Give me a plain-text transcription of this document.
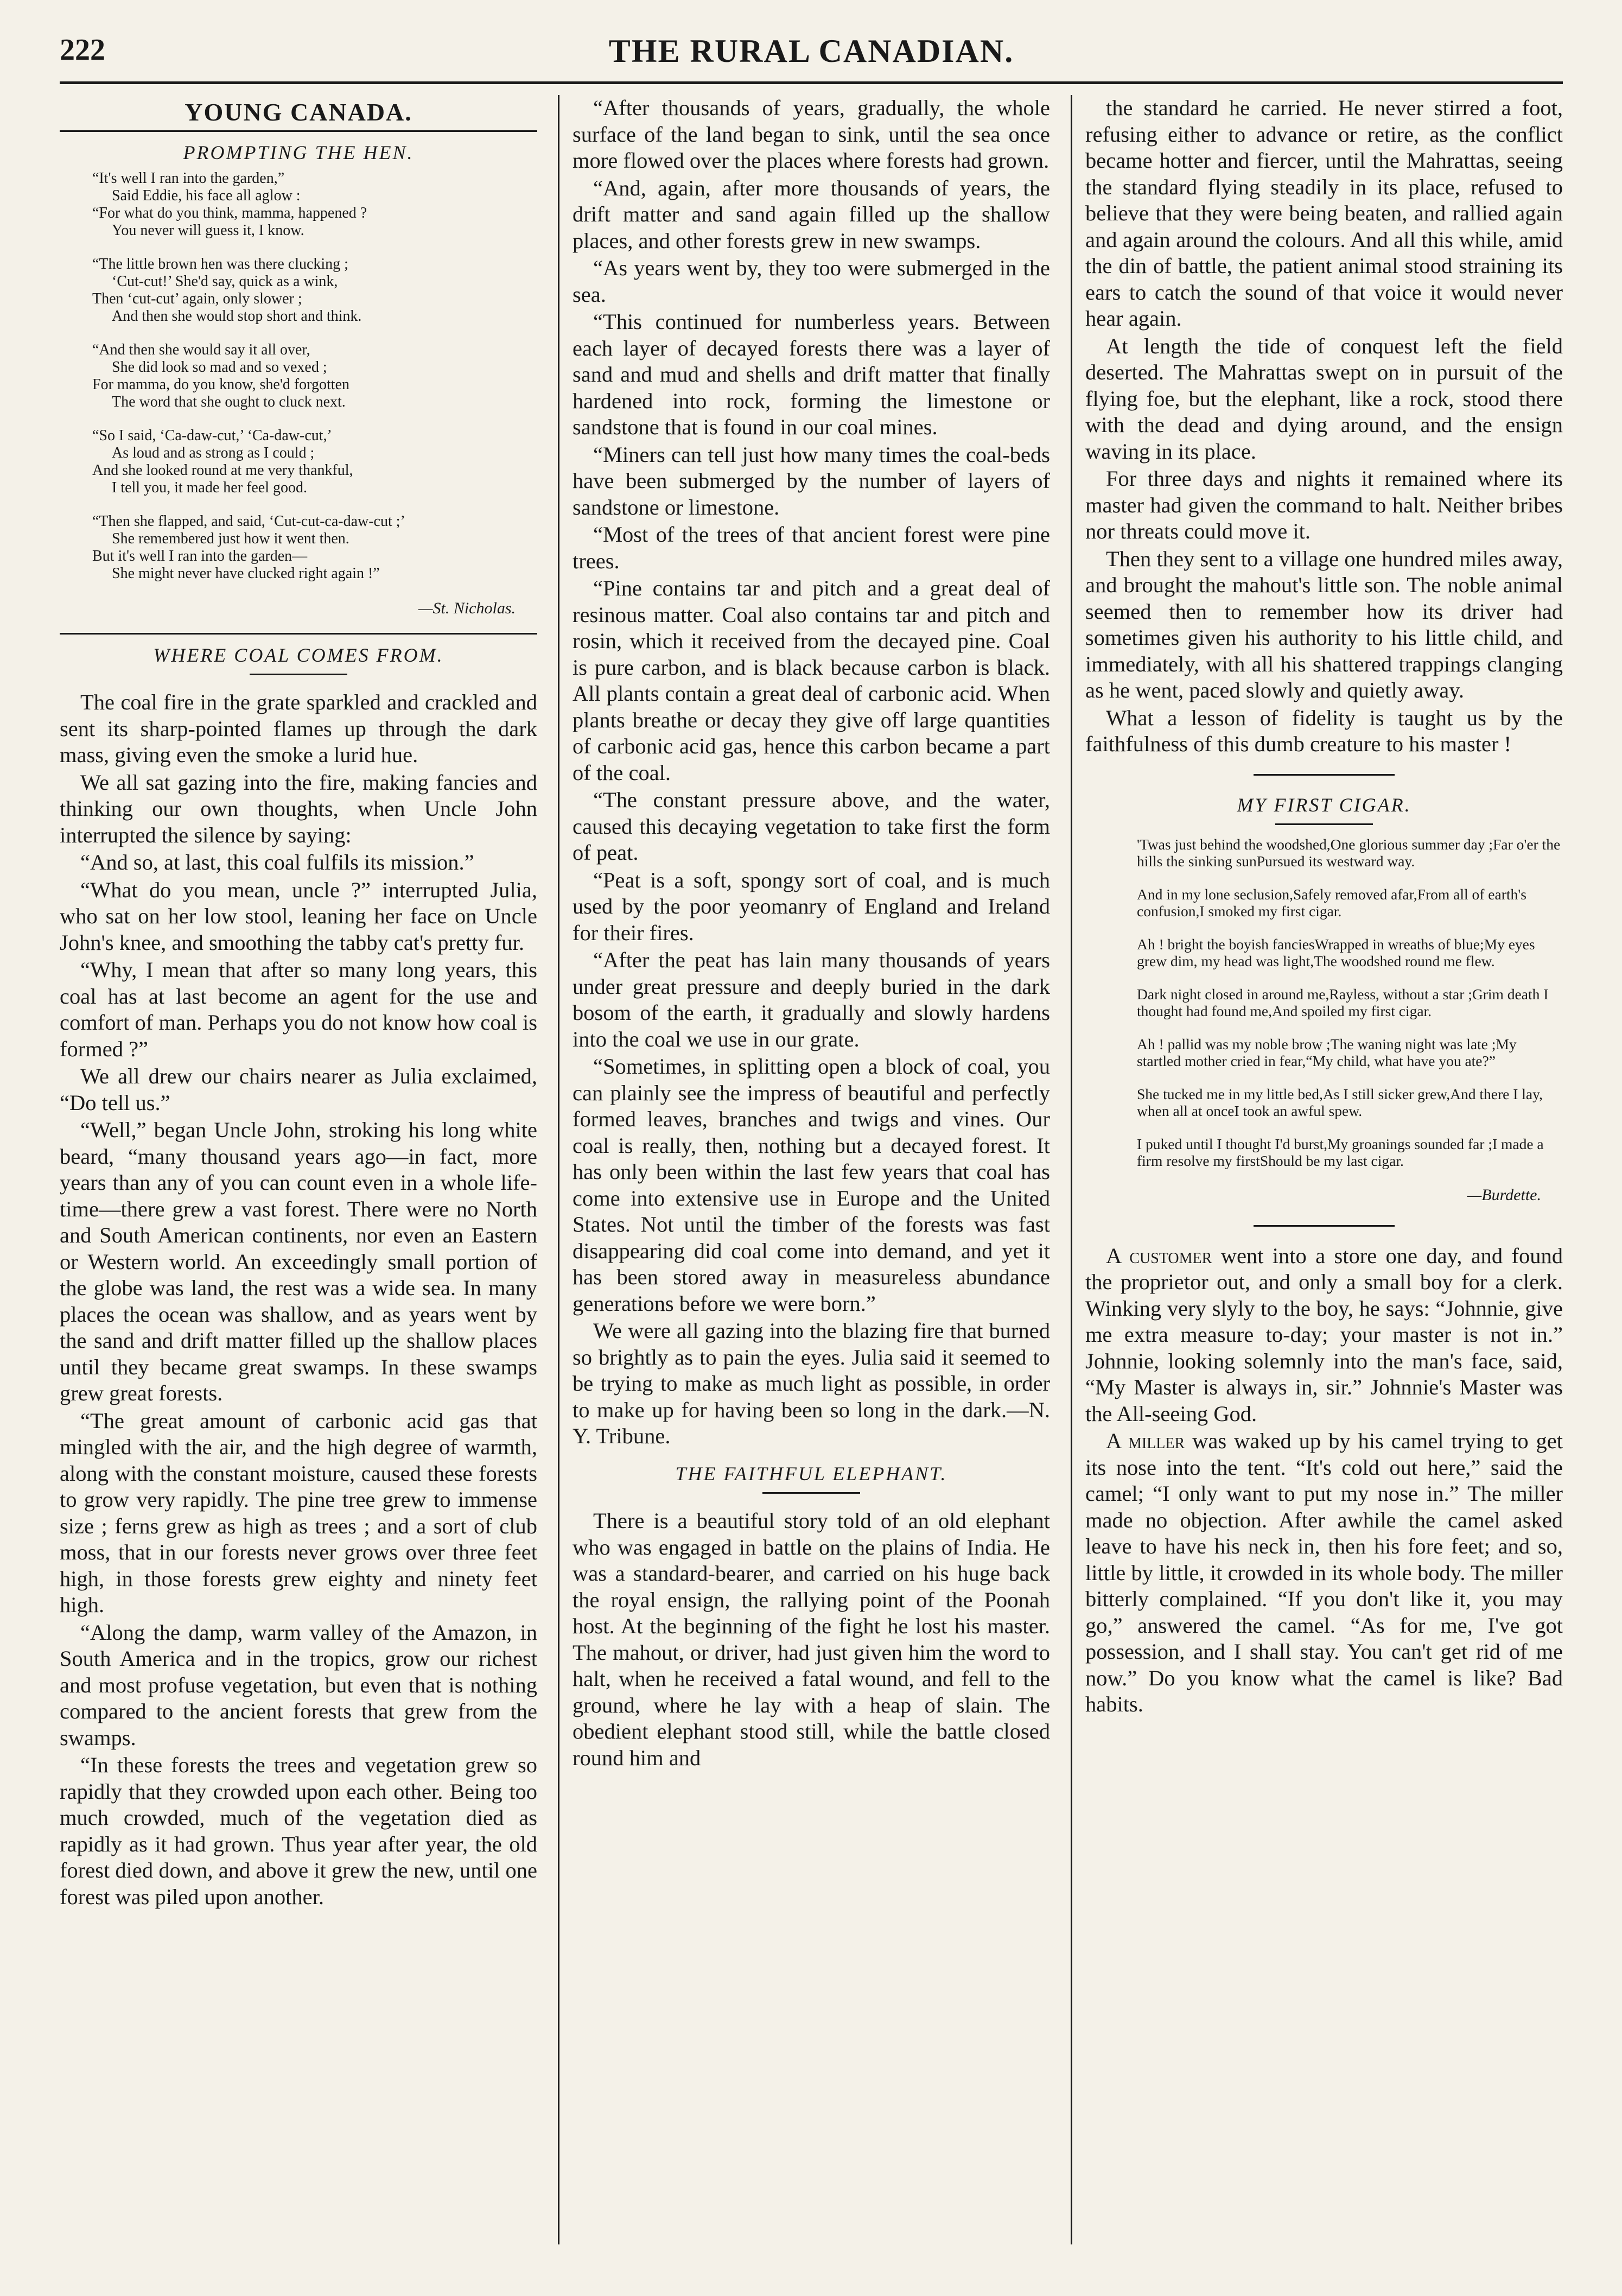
222	THE RURAL CANADIAN.
YOUNG CANADA.
PROMPTING THE HEN.
“It's well I ran into the garden,”
Said Eddie, his face all aglow :
“For what do you think, mamma, happened ?
You never will guess it, I know.
“The little brown hen was there clucking ;
‘Cut-cut!’ She'd say, quick as a wink,
Then ‘cut-cut’ again, only slower ;
And then she would stop short and think.
“And then she would say it all over,
She did look so mad and so vexed ;
For mamma, do you know, she'd forgotten
The word that she ought to cluck next.
“So I said, ‘Ca-daw-cut,’ ‘Ca-daw-cut,’
As loud and as strong as I could ;
And she looked round at me very thankful,
I tell you, it made her feel good.
“Then she flapped, and said, ‘Cut-cut-ca-daw-cut ;’
She remembered just how it went then.
But it's well I ran into the garden—
She might never have clucked right again !”
—St. Nicholas.
WHERE COAL COMES FROM.

The coal fire in the grate sparkled and crackled and sent its sharp-pointed flames up through the dark mass, giving even the smoke a lurid hue.

We all sat gazing into the fire, making fancies and thinking our own thoughts, when Uncle John interrupted the silence by saying:

“And so, at last, this coal fulfils its mission.”

“What do you mean, uncle ?” interrupted Julia, who sat on her low stool, leaning her face on Uncle John's knee, and smoothing the tabby cat's pretty fur.

“Why, I mean that after so many long years, this coal has at last become an agent for the use and comfort of man. Perhaps you do not know how coal is formed ?”

We all drew our chairs nearer as Julia exclaimed, “Do tell us.”

“Well,” began Uncle John, stroking his long white beard, “many thousand years ago—in fact, more years than any of you can count even in a whole life-time—there grew a vast forest. There were no North and South American continents, nor even an Eastern or Western world. An exceedingly small portion of the globe was land, the rest was a wide sea. In many places the ocean was shallow, and as years went by the sand and drift matter filled up the shallow places until they became great swamps. In these swamps grew great forests.

“The great amount of carbonic acid gas that mingled with the air, and the high degree of warmth, along with the constant moisture, caused these forests to grow very rapidly. The pine tree grew to immense size ; ferns grew as high as trees ; and a sort of club moss, that in our forests never grows over three feet high, in those forests grew eighty and ninety feet high.

“Along the damp, warm valley of the Amazon, in South America and in the tropics, grow our richest and most profuse vegetation, but even that is nothing compared to the ancient forests that grew from the swamps.

“In these forests the trees and vegetation grew so rapidly that they crowded upon each other. Being too much crowded, much of the vegetation died as rapidly as it had grown. Thus year after year, the old forest died down, and above it grew the new, until one forest was piled upon another.

“After thousands of years, gradually, the whole surface of the land began to sink, until the sea once more flowed over the places where forests had grown.

“And, again, after more thousands of years, the drift matter and sand again filled up the shallow places, and other forests grew in new swamps.

“As years went by, they too were submerged in the sea.

“This continued for numberless years. Between each layer of decayed forests there was a layer of sand and mud and shells and drift matter that finally hardened into rock, forming the limestone or sandstone that is found in our coal mines.

“Miners can tell just how many times the coal-beds have been submerged by the number of layers of sandstone or limestone.

“Most of the trees of that ancient forest were pine trees.

“Pine contains tar and pitch and a great deal of resinous matter. Coal also contains tar and pitch and rosin, which it received from the decayed pine. Coal is pure carbon, and is black because carbon is black. All plants contain a great deal of carbonic acid. When plants breathe or decay they give off large quantities of carbonic acid gas, hence this carbon became a part of the coal.

“The constant pressure above, and the water, caused this decaying vegetation to take first the form of peat.

“Peat is a soft, spongy sort of coal, and is much used by the poor yeomanry of England and Ireland for their fires.

“After the peat has lain many thousands of years under great pressure and deeply buried in the dark bosom of the earth, it gradually and slowly hardens into the coal we use in our grate.

“Sometimes, in splitting open a block of coal, you can plainly see the impress of beautiful and perfectly formed leaves, branches and twigs and vines. Our coal is really, then, nothing but a decayed forest. It has only been within the last few years that coal has come into extensive use in Europe and the United States. Not until the timber of the forests was fast disappearing did coal come into demand, and yet it has been stored away in measureless abundance generations before we were born.”

We were all gazing into the blazing fire that burned so brightly as to pain the eyes. Julia said it seemed to be trying to make as much light as possible, in order to make up for having been so long in the dark.—N. Y. Tribune.

THE FAITHFUL ELEPHANT.

There is a beautiful story told of an old elephant who was engaged in battle on the plains of India. He was a standard-bearer, and carried on his huge back the royal ensign, the rallying point of the Poonah host. At the beginning of the fight he lost his master. The mahout, or driver, had just given him the word to halt, when he received a fatal wound, and fell to the ground, where he lay with a heap of slain. The obedient elephant stood still, while the battle closed round him and

the standard he carried. He never stirred a foot, refusing either to advance or retire, as the conflict became hotter and fiercer, until the Mahrattas, seeing the standard flying steadily in its place, refused to believe that they were being beaten, and rallied again and again around the colours. And all this while, amid the din of battle, the patient animal stood straining its ears to catch the sound of that voice it would never hear again.

At length the tide of conquest left the field deserted. The Mahrattas swept on in pursuit of the flying foe, but the elephant, like a rock, stood there with the dead and dying around, and the ensign waving in its place.

For three days and nights it remained where its master had given the command to halt. Neither bribes nor threats could move it.

Then they sent to a village one hundred miles away, and brought the mahout's little son. The noble animal seemed then to remember how its driver had sometimes given his authority to his little child, and immediately, with all his shattered trappings clanging as he went, paced slowly and quietly away.

What a lesson of fidelity is taught us by the faithfulness of this dumb creature to his master !

MY FIRST CIGAR.
'Twas just behind the woodshed,One glorious summer day ;Far o'er the hills the sinking sunPursued its westward way.
And in my lone seclusion,Safely removed afar,From all of earth's confusion,I smoked my first cigar.
Ah ! bright the boyish fanciesWrapped in wreaths of blue;My eyes grew dim, my head was light,The woodshed round me flew.
Dark night closed in around me,Rayless, without a star ;Grim death I thought had found me,And spoiled my first cigar.
Ah ! pallid was my noble brow ;The waning night was late ;My startled mother cried in fear,“My child, what have you ate?”
She tucked me in my little bed,As I still sicker grew,And there I lay, when all at onceI took an awful spew.
I puked until I thought I'd burst,My groanings sounded far ;I made a firm resolve my firstShould be my last cigar.
—Burdette.

A customer went into a store one day, and found the proprietor out, and only a small boy for a clerk. Winking very slyly to the boy, he says: “Johnnie, give me extra measure to-day; your master is not in.” Johnnie, looking solemnly into the man's face, said, “My Master is always in, sir.” Johnnie's Master was the All-seeing God.

A miller was waked up by his camel trying to get its nose into the tent. “It's cold out here,” said the camel; “I only want to put my nose in.” The miller made no objection. After awhile the camel asked leave to have his neck in, then his fore feet; and so, little by little, it crowded in its whole body. The miller bitterly complained. “If you don't like it, you may go,” answered the camel. “As for me, I've got possession, and I shall stay. You can't get rid of me now.” Do you know what the camel is like? Bad habits.
